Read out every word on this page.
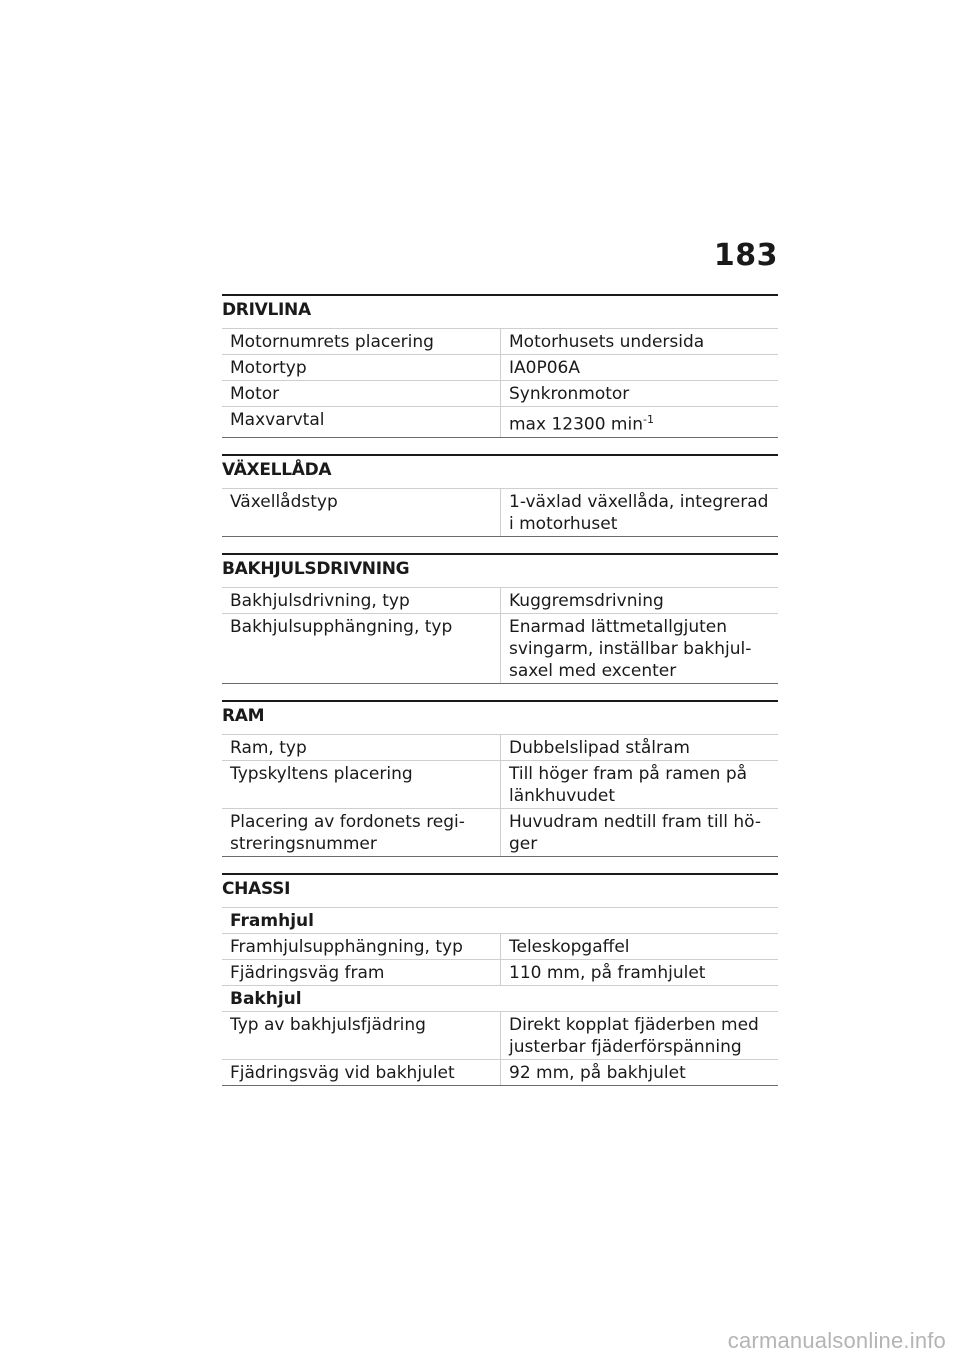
183
DRIVLINA
Motornumrets placering	Motorhusets undersida
Motortyp	IA0P06A
Motor	Synkronmotor
Maxvarvtal	max 12300 $\min^{-1}$
VÄXELLÅDA
Växellådstyp	1-växlad växellåda, integrerad i motorhuset
BAKHJULSDRIVNING
Bakhjulsdrivning, typ	Kuggremsdrivning
Bakhjulsupphängning, typ	Enarmad lättmetallgjuten svingarm, inställbar bakhjul-saxel med excenter
RAM
Ram, typ	Dubbelslipad stålram
Typskyltens placering	Till höger fram på ramen på länkhuvudet
Placering av fordonets regi-streringsnummer	Huvudram nedtill fram till hö-ger
CHASSI
Framhjul	
Framhjulsupphängning, typ	Teleskopgaffel
Fjädringsväg fram	110 mm, på framhjulet
Bakhjul	
Typ av bakhjulsfjädring	Direkt kopplat fjäderben med justerbar fjäderförspänning
Fjädringsväg vid bakhjulet	92 mm, på bakhjulet
carmanualsonline.info
